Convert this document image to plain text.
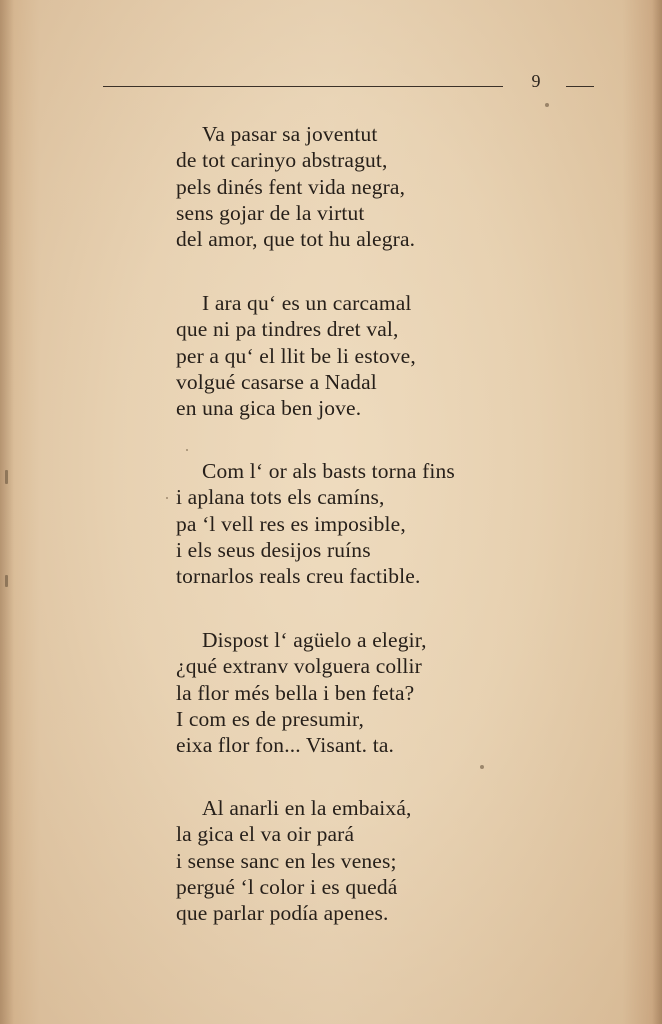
9
Va pasar sa joventut
de tot carinyo abstragut,
pels dinés fent vida negra,
sens gojar de la virtut
del amor, que tot hu alegra.
I ara qu‘ es un carcamal
que ni pa tindres dret val,
per a qu‘ el llit be li estove,
volgué casarse a Nadal
en una gica ben jove.
Com l‘ or als basts torna fins
i aplana tots els camíns,
pa ‘l vell res es imposible,
i els seus desijos ruíns
tornarlos reals creu factible.
Dispost l‘ agüelo a elegir,
¿qué extranv volguera collir
la flor més bella i ben feta?
I com es de presumir,
eixa flor fon... Visant. ta.
Al anarli en la embaixá,
la gica el va oir pará
i sense sanc en les venes;
pergué ‘l color i es quedá
que parlar podía apenes.
